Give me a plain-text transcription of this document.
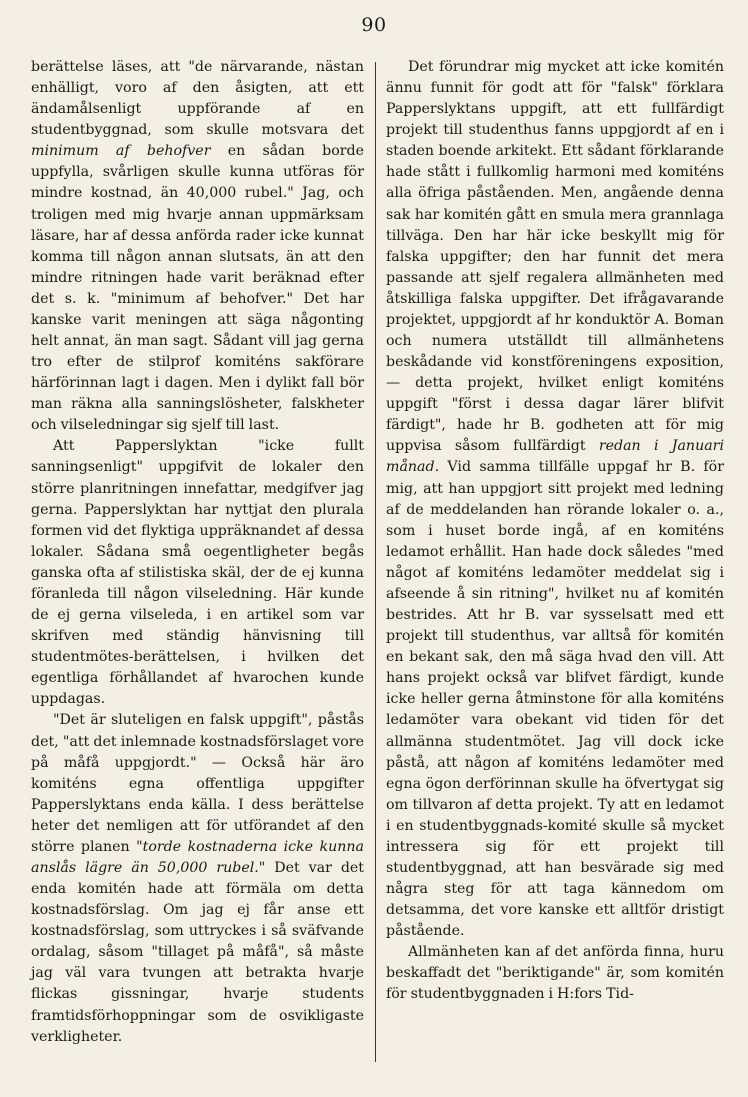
90

berättelse läses, att "de närvarande, nästan enhälligt, voro af den åsigten, att ett ändamålsenligt uppförande af en studentbyggnad, som skulle motsvara det minimum af behofver en sådan borde uppfylla, svårligen skulle kunna utföras för mindre kostnad, än 40,000 rubel." Jag, och troligen med mig hvarje annan uppmärksam läsare, har af dessa anförda rader icke kunnat komma till någon annan slutsats, än att den mindre ritningen hade varit beräknad efter det s. k. "minimum af behofver." Det har kanske varit meningen att säga någonting helt annat, än man sagt. Sådant vill jag gerna tro efter de stilprof komiténs sakförare härförinnan lagt i dagen. Men i dylikt fall bör man räkna alla sanningslösheter, falskheter och vilseledningar sig sjelf till last.

Att Papperslyktan "icke fullt sanningsenligt" uppgifvit de lokaler den större planritningen innefattar, medgifver jag gerna. Papperslyktan har nyttjat den plurala formen vid det flyktiga uppräknandet af dessa lokaler. Sådana små oegentligheter begås ganska ofta af stilistiska skäl, der de ej kunna föranleda till någon vilseledning. Här kunde de ej gerna vilseleda, i en artikel som var skrifven med ständig hänvisning till studentmötes-berättelsen, i hvilken det egentliga förhållandet af hvarochen kunde uppdagas.

"Det är sluteligen en falsk uppgift", påstås det, "att det inlemnade kostnadsförslaget vore på måfå uppgjordt." — Också här äro komiténs egna offentliga uppgifter Papperslyktans enda källa. I dess berättelse heter det nemligen att för utförandet af den större planen "torde kostnaderna icke kunna anslås lägre än 50,000 rubel." Det var det enda komitén hade att förmäla om detta kostnadsförslag. Om jag ej får anse ett kostnadsförslag, som uttryckes i så sväfvande ordalag, såsom "tillaget på måfå", så måste jag väl vara tvungen att betrakta hvarje flickas gissningar, hvarje students framtidsförhoppningar som de osvikligaste verkligheter.

Det förundrar mig mycket att icke komitén ännu funnit för godt att för "falsk" förklara Papperslyktans uppgift, att ett fullfärdigt projekt till studenthus fanns uppgjordt af en i staden boende arkitekt. Ett sådant förklarande hade stått i fullkomlig harmoni med komiténs alla öfriga påståenden. Men, angående denna sak har komitén gått en smula mera grannlaga tillväga. Den har här icke beskyllt mig för falska uppgifter; den har funnit det mera passande att sjelf regalera allmänheten med åtskilliga falska uppgifter. Det ifrågavarande projektet, uppgjordt af hr konduktör A. Boman och numera utställdt till allmänhetens beskådande vid konstföreningens exposition, — detta projekt, hvilket enligt komiténs uppgift "först i dessa dagar lärer blifvit färdigt", hade hr B. godheten att för mig uppvisa såsom fullfärdigt redan i Januari månad. Vid samma tillfälle uppgaf hr B. för mig, att han uppgjort sitt projekt med ledning af de meddelanden han rörande lokaler o. a., som i huset borde ingå, af en komiténs ledamot erhållit. Han hade dock således "med något af komiténs ledamöter meddelat sig i afseende å sin ritning", hvilket nu af komitén bestrides. Att hr B. var sysselsatt med ett projekt till studenthus, var alltså för komitén en bekant sak, den må säga hvad den vill. Att hans projekt också var blifvet färdigt, kunde icke heller gerna åtminstone för alla komiténs ledamöter vara obekant vid tiden för det allmänna studentmötet. Jag vill dock icke påstå, att någon af komiténs ledamöter med egna ögon derförinnan skulle ha öfvertygat sig om tillvaron af detta projekt. Ty att en ledamot i en studentbyggnads-komité skulle så mycket intressera sig för ett projekt till studentbyggnad, att han besvärade sig med några steg för att taga kännedom om detsamma, det vore kanske ett alltför dristigt påstående.

Allmänheten kan af det anförda finna, huru beskaffadt det "beriktigande" är, som komitén för studentbyggnaden i H:fors Tid-
